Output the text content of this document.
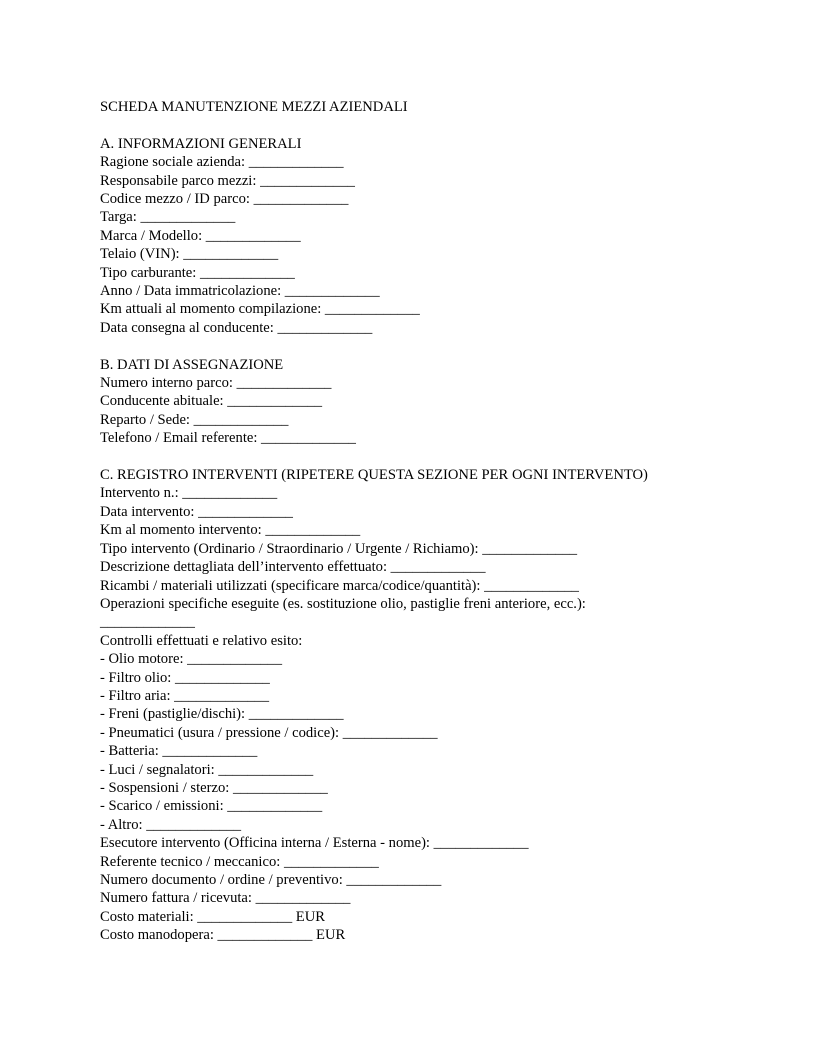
SCHEDA MANUTENZIONE MEZZI AZIENDALI
A. INFORMAZIONI GENERALI
Ragione sociale azienda: _____________
Responsabile parco mezzi: _____________
Codice mezzo / ID parco: _____________
Targa: _____________
Marca / Modello: _____________
Telaio (VIN): _____________
Tipo carburante: _____________
Anno / Data immatricolazione: _____________
Km attuali al momento compilazione: _____________
Data consegna al conducente: _____________
B. DATI DI ASSEGNAZIONE
Numero interno parco: _____________
Conducente abituale: _____________
Reparto / Sede: _____________
Telefono / Email referente: _____________
C. REGISTRO INTERVENTI (RIPETERE QUESTA SEZIONE PER OGNI INTERVENTO)
Intervento n.: _____________
Data intervento: _____________
Km al momento intervento: _____________
Tipo intervento (Ordinario / Straordinario / Urgente / Richiamo): _____________
Descrizione dettagliata dell’intervento effettuato: _____________
Ricambi / materiali utilizzati (specificare marca/codice/quantità): _____________
Operazioni specifiche eseguite (es. sostituzione olio, pastiglie freni anteriore, ecc.):
_____________
Controlli effettuati e relativo esito:
- Olio motore: _____________
- Filtro olio: _____________
- Filtro aria: _____________
- Freni (pastiglie/dischi): _____________
- Pneumatici (usura / pressione / codice): _____________
- Batteria: _____________
- Luci / segnalatori: _____________
- Sospensioni / sterzo: _____________
- Scarico / emissioni: _____________
- Altro: _____________
Esecutore intervento (Officina interna / Esterna - nome): _____________
Referente tecnico / meccanico: _____________
Numero documento / ordine / preventivo: _____________
Numero fattura / ricevuta: _____________
Costo materiali: _____________ EUR
Costo manodopera: _____________ EUR
